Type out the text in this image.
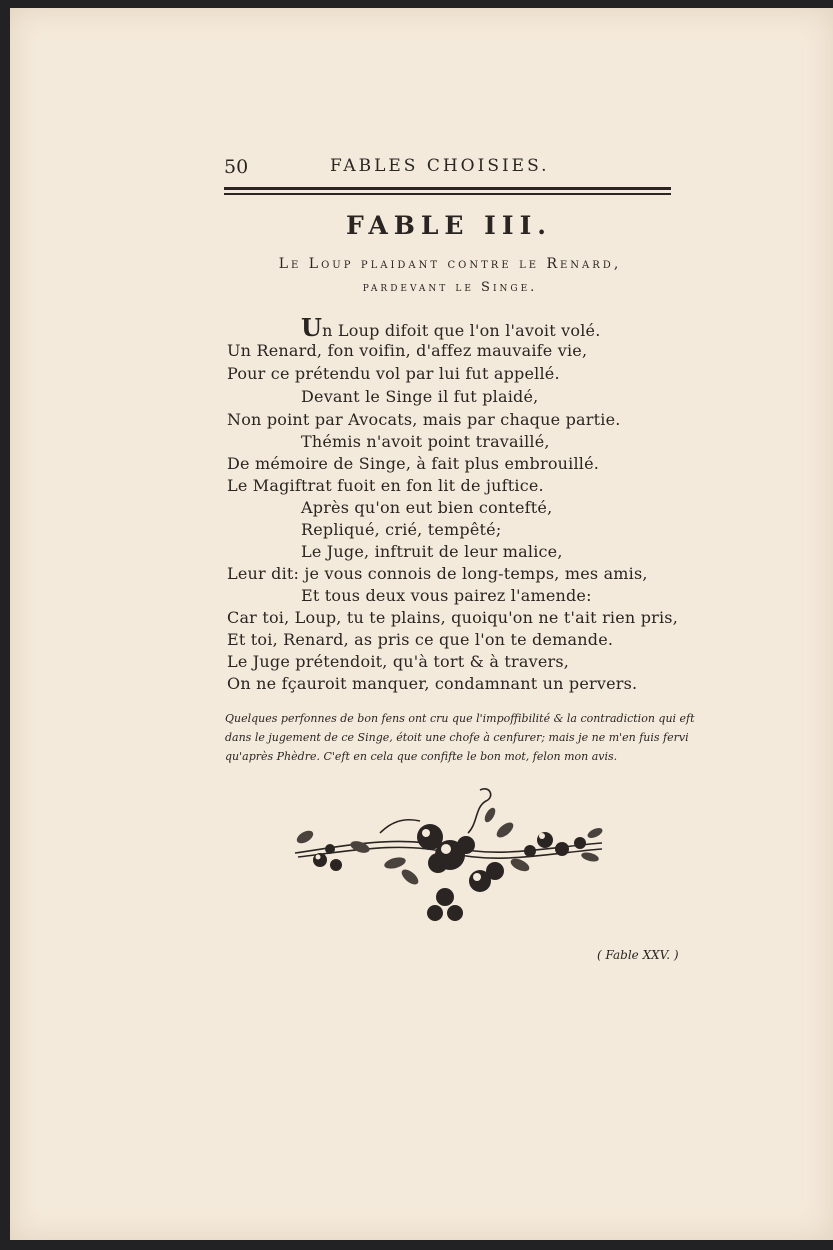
50	FABLES CHOISIES.
FABLE III.
Le Loup plaidant contre le Renard,
pardevant le Singe.
Un Loup difoit que l'on l'avoit volé.
Un Renard, fon voifin, d'affez mauvaife vie,
Pour ce prétendu vol par lui fut appellé.
Devant le Singe il fut plaidé,
Non point par Avocats, mais par chaque partie.
Thémis n'avoit point travaillé,
De mémoire de Singe, à fait plus embrouillé.
Le Magiftrat fuoit en fon lit de juftice.
Après qu'on eut bien contefté,
Repliqué, crié, tempêté;
Le Juge, inftruit de leur malice,
Leur dit: je vous connois de long-temps, mes amis,
Et tous deux vous pairez l'amende:
Car toi, Loup, tu te plains, quoiqu'on ne t'ait rien pris,
Et toi, Renard, as pris ce que l'on te demande.
Le Juge prétendoit, qu'à tort & à travers,
On ne fçauroit manquer, condamnant un pervers.
Quelques perfonnes de bon fens ont cru que l'impoffibilité & la contradiction qui eft
dans le jugement de ce Singe, étoit une chofe à cenfurer; mais je ne m'en fuis fervi
qu'après Phèdre. C'eft en cela que confifte le bon mot, felon mon avis.
( Fable XXV. )
